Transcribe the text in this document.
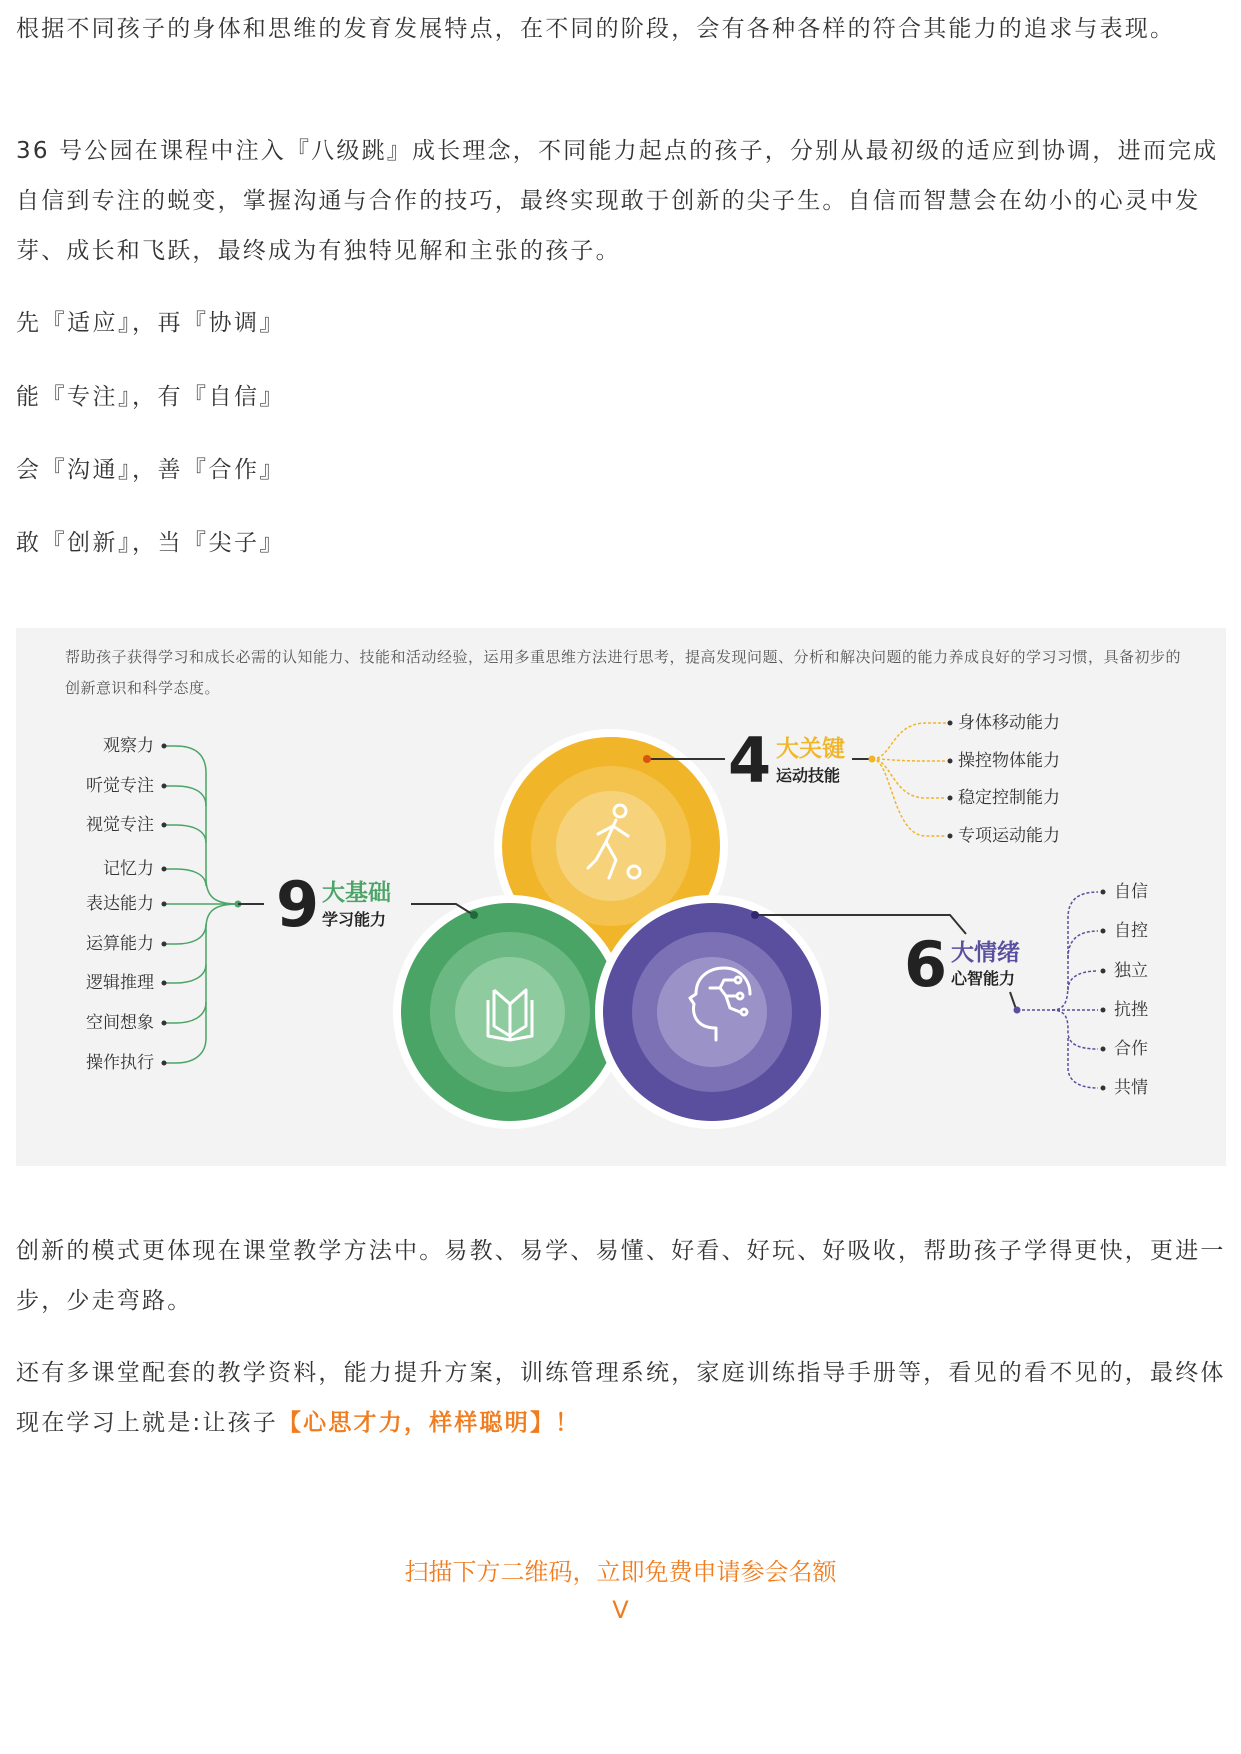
根据不同孩子的身体和思维的发育发展特点，在不同的阶段，会有各种各样的符合其能力的追求与表现。

36 号公园在课程中注入『八级跳』成长理念，不同能力起点的孩子，分别从最初级的适应到协调，进而完成自信到专注的蜕变，掌握沟通与合作的技巧，最终实现敢于创新的尖子生。自信而智慧会在幼小的心灵中发芽、成长和飞跃，最终成为有独特见解和主张的孩子。

先『适应』，再『协调』

能『专注』，有『自信』

会『沟通』，善『合作』

敢『创新』，当『尖子』

帮助孩子获得学习和成长必需的认知能力、技能和活动经验，运用多重思维方法进行思考，提高发现问题、分析和解决问题的能力养成良好的学习习惯，具备初步的创新意识和科学态度。
4 大关键
运动技能
身体移动能力
操控物体能力
稳定控制能力
专项运动能力
9 大基础
学习能力
观察力
听觉专注
视觉专注
记忆力
表达能力
运算能力
逻辑推理
空间想象
操作执行
6 大情绪
心智能力
自信
自控
独立
抗挫
合作
共情

创新的模式更体现在课堂教学方法中。易教、易学、易懂、好看、好玩、好吸收，帮助孩子学得更快，更进一步，少走弯路。

还有多课堂配套的教学资料，能力提升方案，训练管理系统，家庭训练指导手册等，看见的看不见的，最终体现在学习上就是:让孩子【心思才力，样样聪明】！

扫描下方二维码，立即免费申请参会名额
V
